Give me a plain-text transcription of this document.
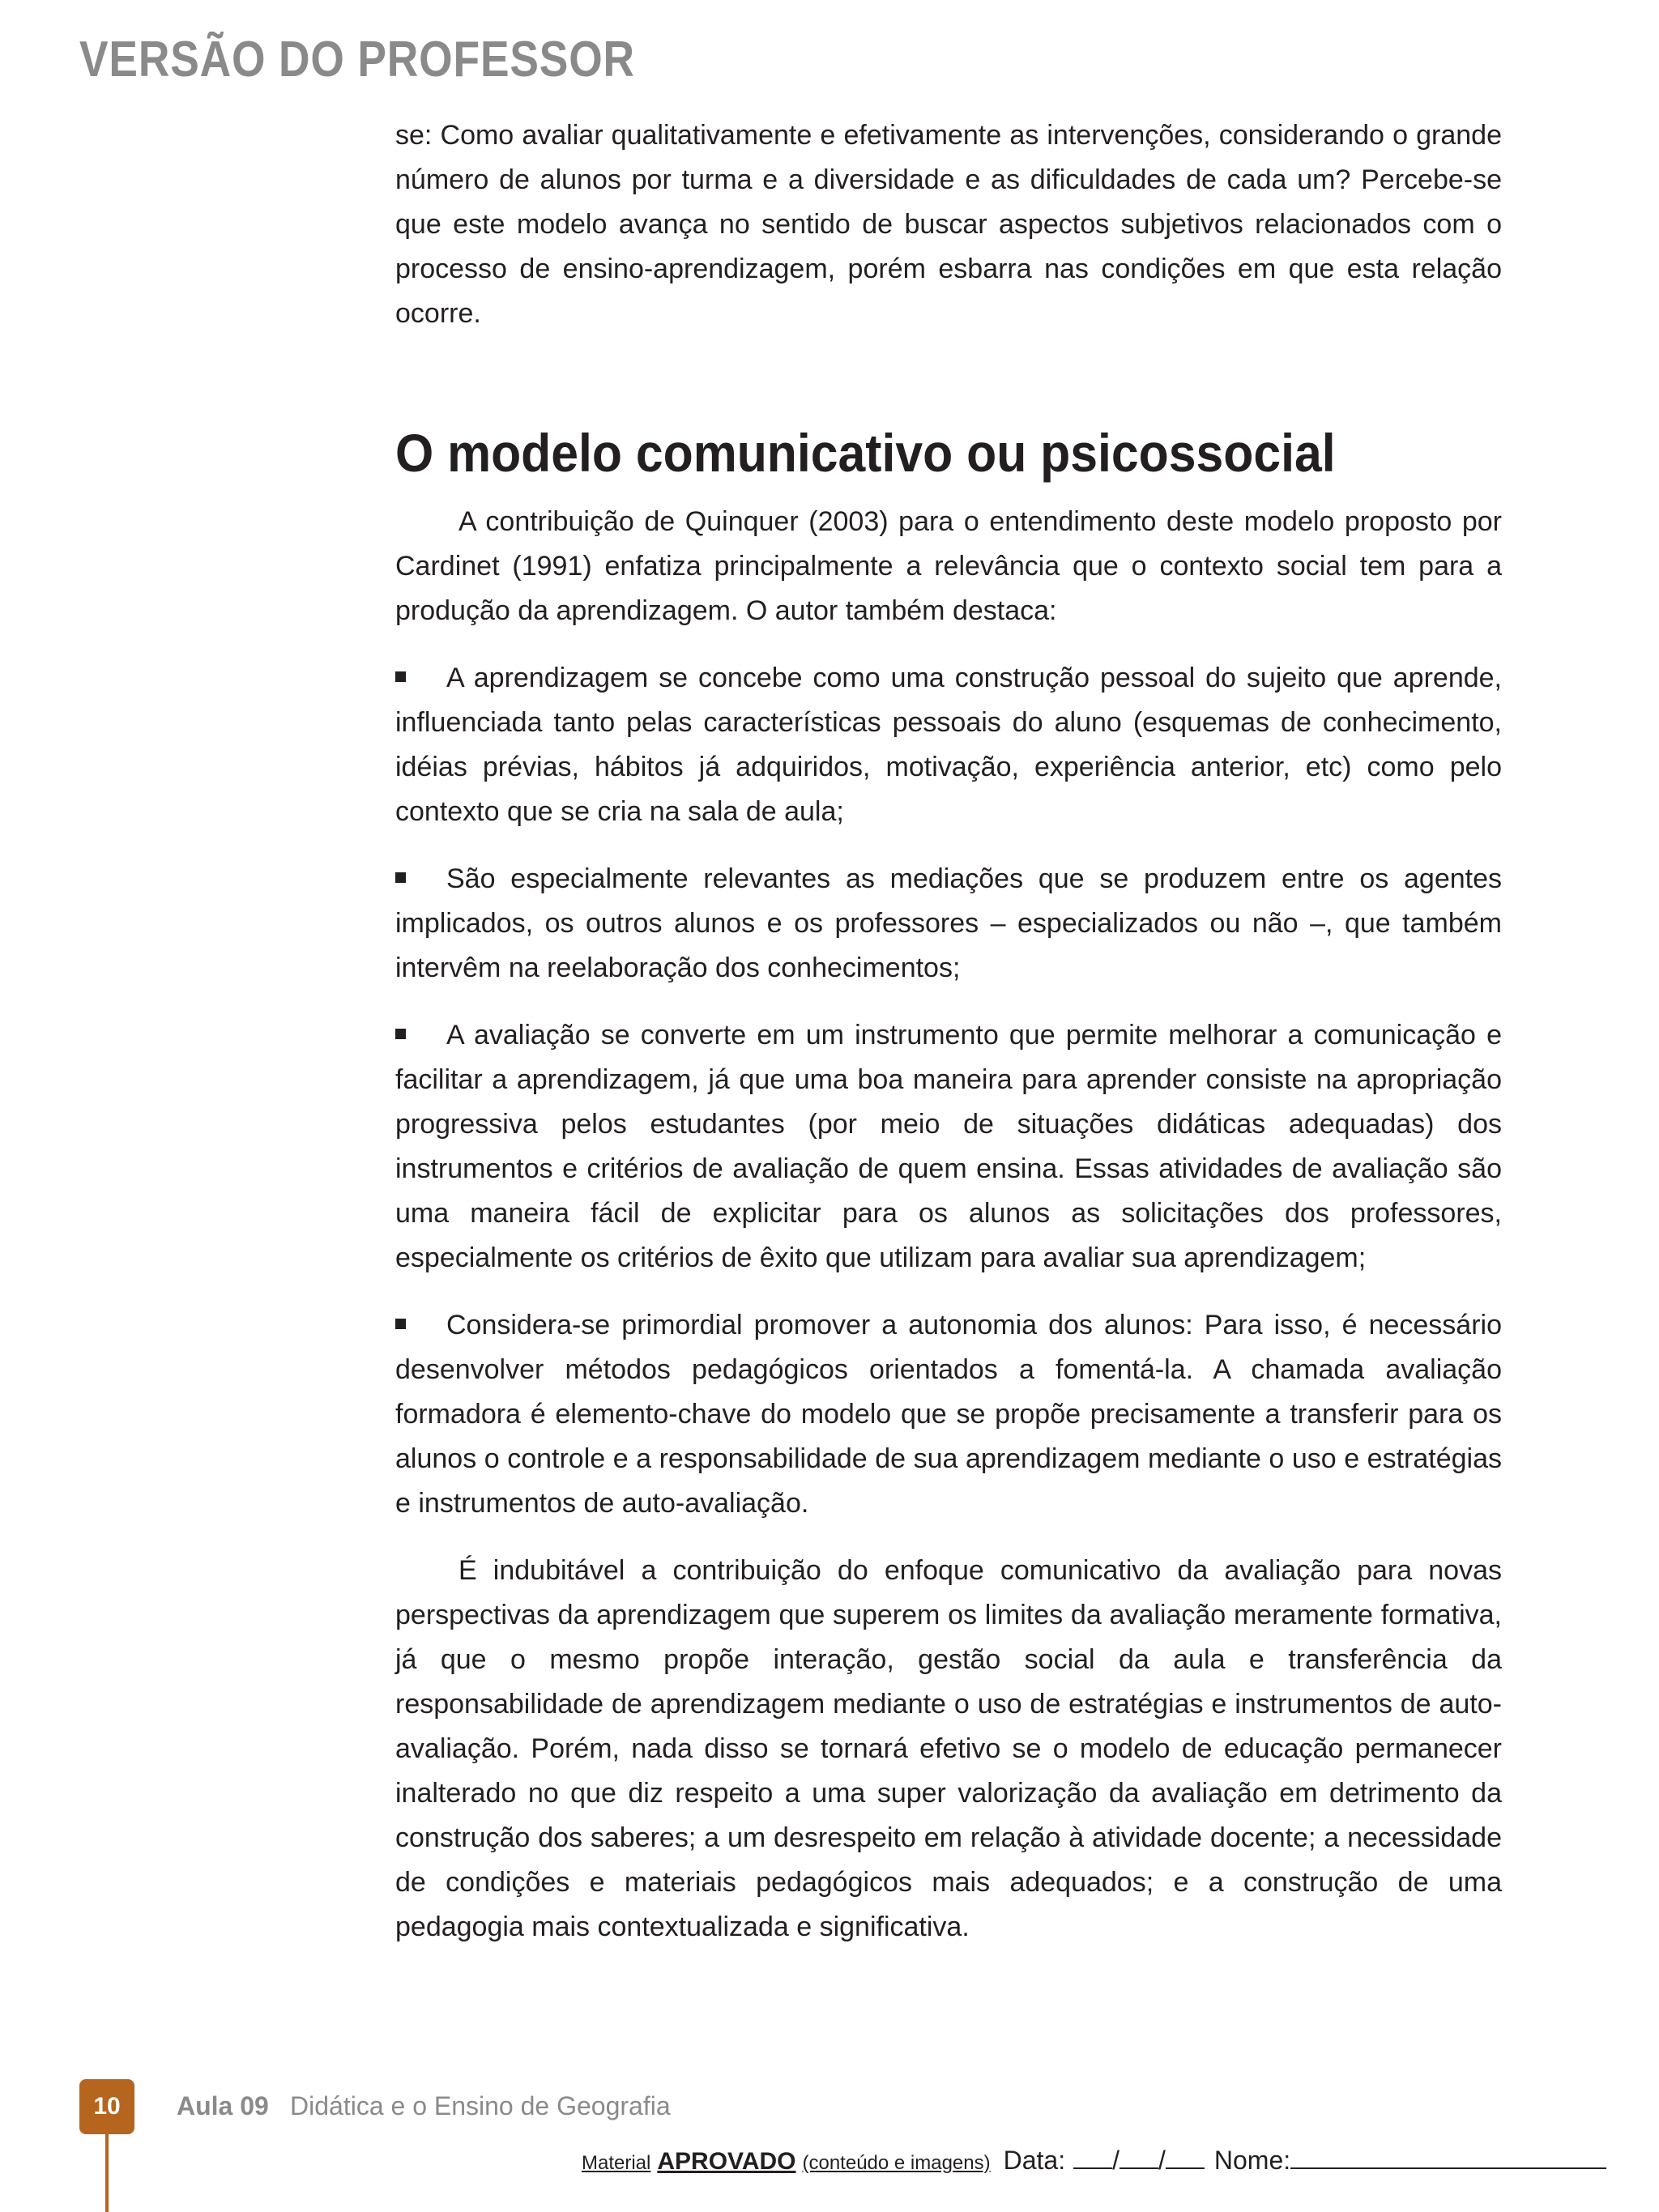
VERSÃO DO PROFESSOR

se: Como avaliar qualitativamente e efetivamente as intervenções, considerando o grande número de alunos por turma e a diversidade e as dificuldades de cada um? Percebe-se que este modelo avança no sentido de buscar aspectos subjetivos relacionados com o processo de ensino-aprendizagem, porém esbarra nas condições em que esta relação ocorre.

O modelo comunicativo ou psicossocial

A contribuição de Quinquer (2003) para o entendimento deste modelo proposto por Cardinet (1991) enfatiza principalmente a relevância que o contexto social tem para a produção da aprendizagem. O autor também destaca:

A aprendizagem se concebe como uma construção pessoal do sujeito que aprende, influenciada tanto pelas características pessoais do aluno (esquemas de conhecimento, idéias prévias, hábitos já adquiridos, motivação, experiência anterior, etc) como pelo contexto que se cria na sala de aula;

São especialmente relevantes as mediações que se produzem entre os agentes implicados, os outros alunos e os professores – especializados ou não –, que também intervêm na reelaboração dos conhecimentos;

A avaliação se converte em um instrumento que permite melhorar a comunicação e facilitar a aprendizagem, já que uma boa maneira para aprender consiste na apropriação progressiva pelos estudantes (por meio de situações didáticas adequadas) dos instrumentos e critérios de avaliação de quem ensina. Essas atividades de avaliação são uma maneira fácil de explicitar para os alunos as solicitações dos professores, especialmente os critérios de êxito que utilizam para avaliar sua aprendizagem;

Considera-se primordial promover a autonomia dos alunos: Para isso, é necessário desenvolver métodos pedagógicos orientados a fomentá-la. A chamada avaliação formadora é elemento-chave do modelo que se propõe precisamente a transferir para os alunos o controle e a responsabilidade de sua aprendizagem mediante o uso e estratégias e instrumentos de auto-avaliação.

É indubitável a contribuição do enfoque comunicativo da avaliação para novas perspectivas da aprendizagem que superem os limites da avaliação meramente formativa, já que o mesmo propõe interação, gestão social da aula e transferência da responsabilidade de aprendizagem mediante o uso de estratégias e instrumentos de auto-avaliação. Porém, nada disso se tornará efetivo se o modelo de educação permanecer inalterado no que diz respeito a uma super valorização da avaliação em detrimento da construção dos saberes; a um desrespeito em relação à atividade docente; a necessidade de condições e materiais pedagógicos mais adequados; e a construção de uma pedagogia mais contextualizada e significativa.

10	Aula 09 Didática e o Ensino de Geografia
Material APROVADO (conteúdo e imagens) Data: / / Nome:
